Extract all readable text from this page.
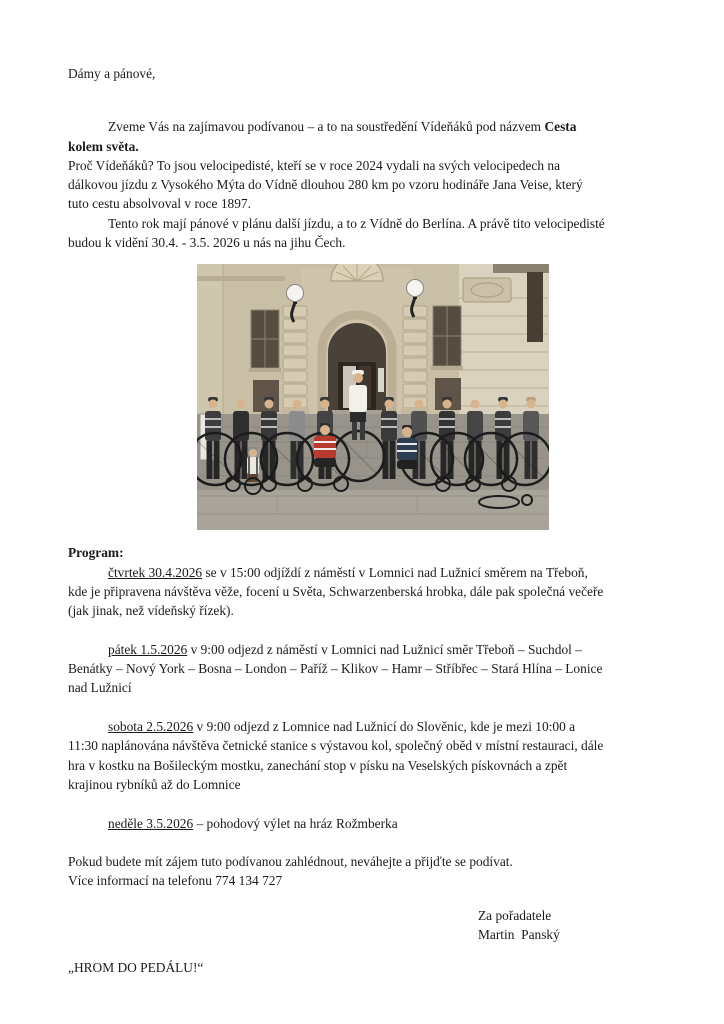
Dámy a pánové,

Zveme Vás na zajímavou podívanou – a to na soustředění Vídeňáků pod názvem Cesta
kolem světa.
Proč Vídeňáků? To jsou velocipedisté, kteří se v roce 2024 vydali na svých velocipedech na
dálkovou jízdu z Vysokého Mýta do Vídně dlouhou 280 km po vzoru hodináře Jana Veise, který
tuto cestu absolvoval v roce 1897.

Tento rok mají pánové v plánu další jízdu, a to z Vídně do Berlína. A právě tito velocipedisté
budou k vidění 30.4. - 3.5. 2026 u nás na jihu Čech.

Program:

čtvrtek 30.4.2026 se v 15:00 odjíždí z náměstí v Lomnici nad Lužnicí směrem na Třeboň,
kde je připravena návštěva věže, focení u Světa, Schwarzenberská hrobka, dále pak společná večeře
(jak jinak, než vídeňský řízek).

pátek 1.5.2026 v 9:00 odjezd z náměstí v Lomnici nad Lužnicí směr Třeboň – Suchdol –
Benátky – Nový York – Bosna – London – Paříž – Klikov – Hamr – Stříbřec – Stará Hlína – Lonice
nad Lužnicí

sobota 2.5.2026 v 9:00 odjezd z Lomnice nad Lužnicí do Slověnic, kde je mezi 10:00 a
11:30 naplánována návštěva četnické stanice s výstavou kol, společný oběd v místní restauraci, dále
hra v kostku na Bošileckým mostku, zanechání stop v písku na Veselských pískovnách a zpět
krajinou rybníků až do Lomnice

neděle 3.5.2026 – pohodový výlet na hráz Rožmberka

Pokud budete mít zájem tuto podívanou zahlédnout, neváhejte a přijďte se podívat.
Více informací na telefonu 774 134 727

Za pořadatele
Martin  Panský

„HROM DO PEDÁLU!“
